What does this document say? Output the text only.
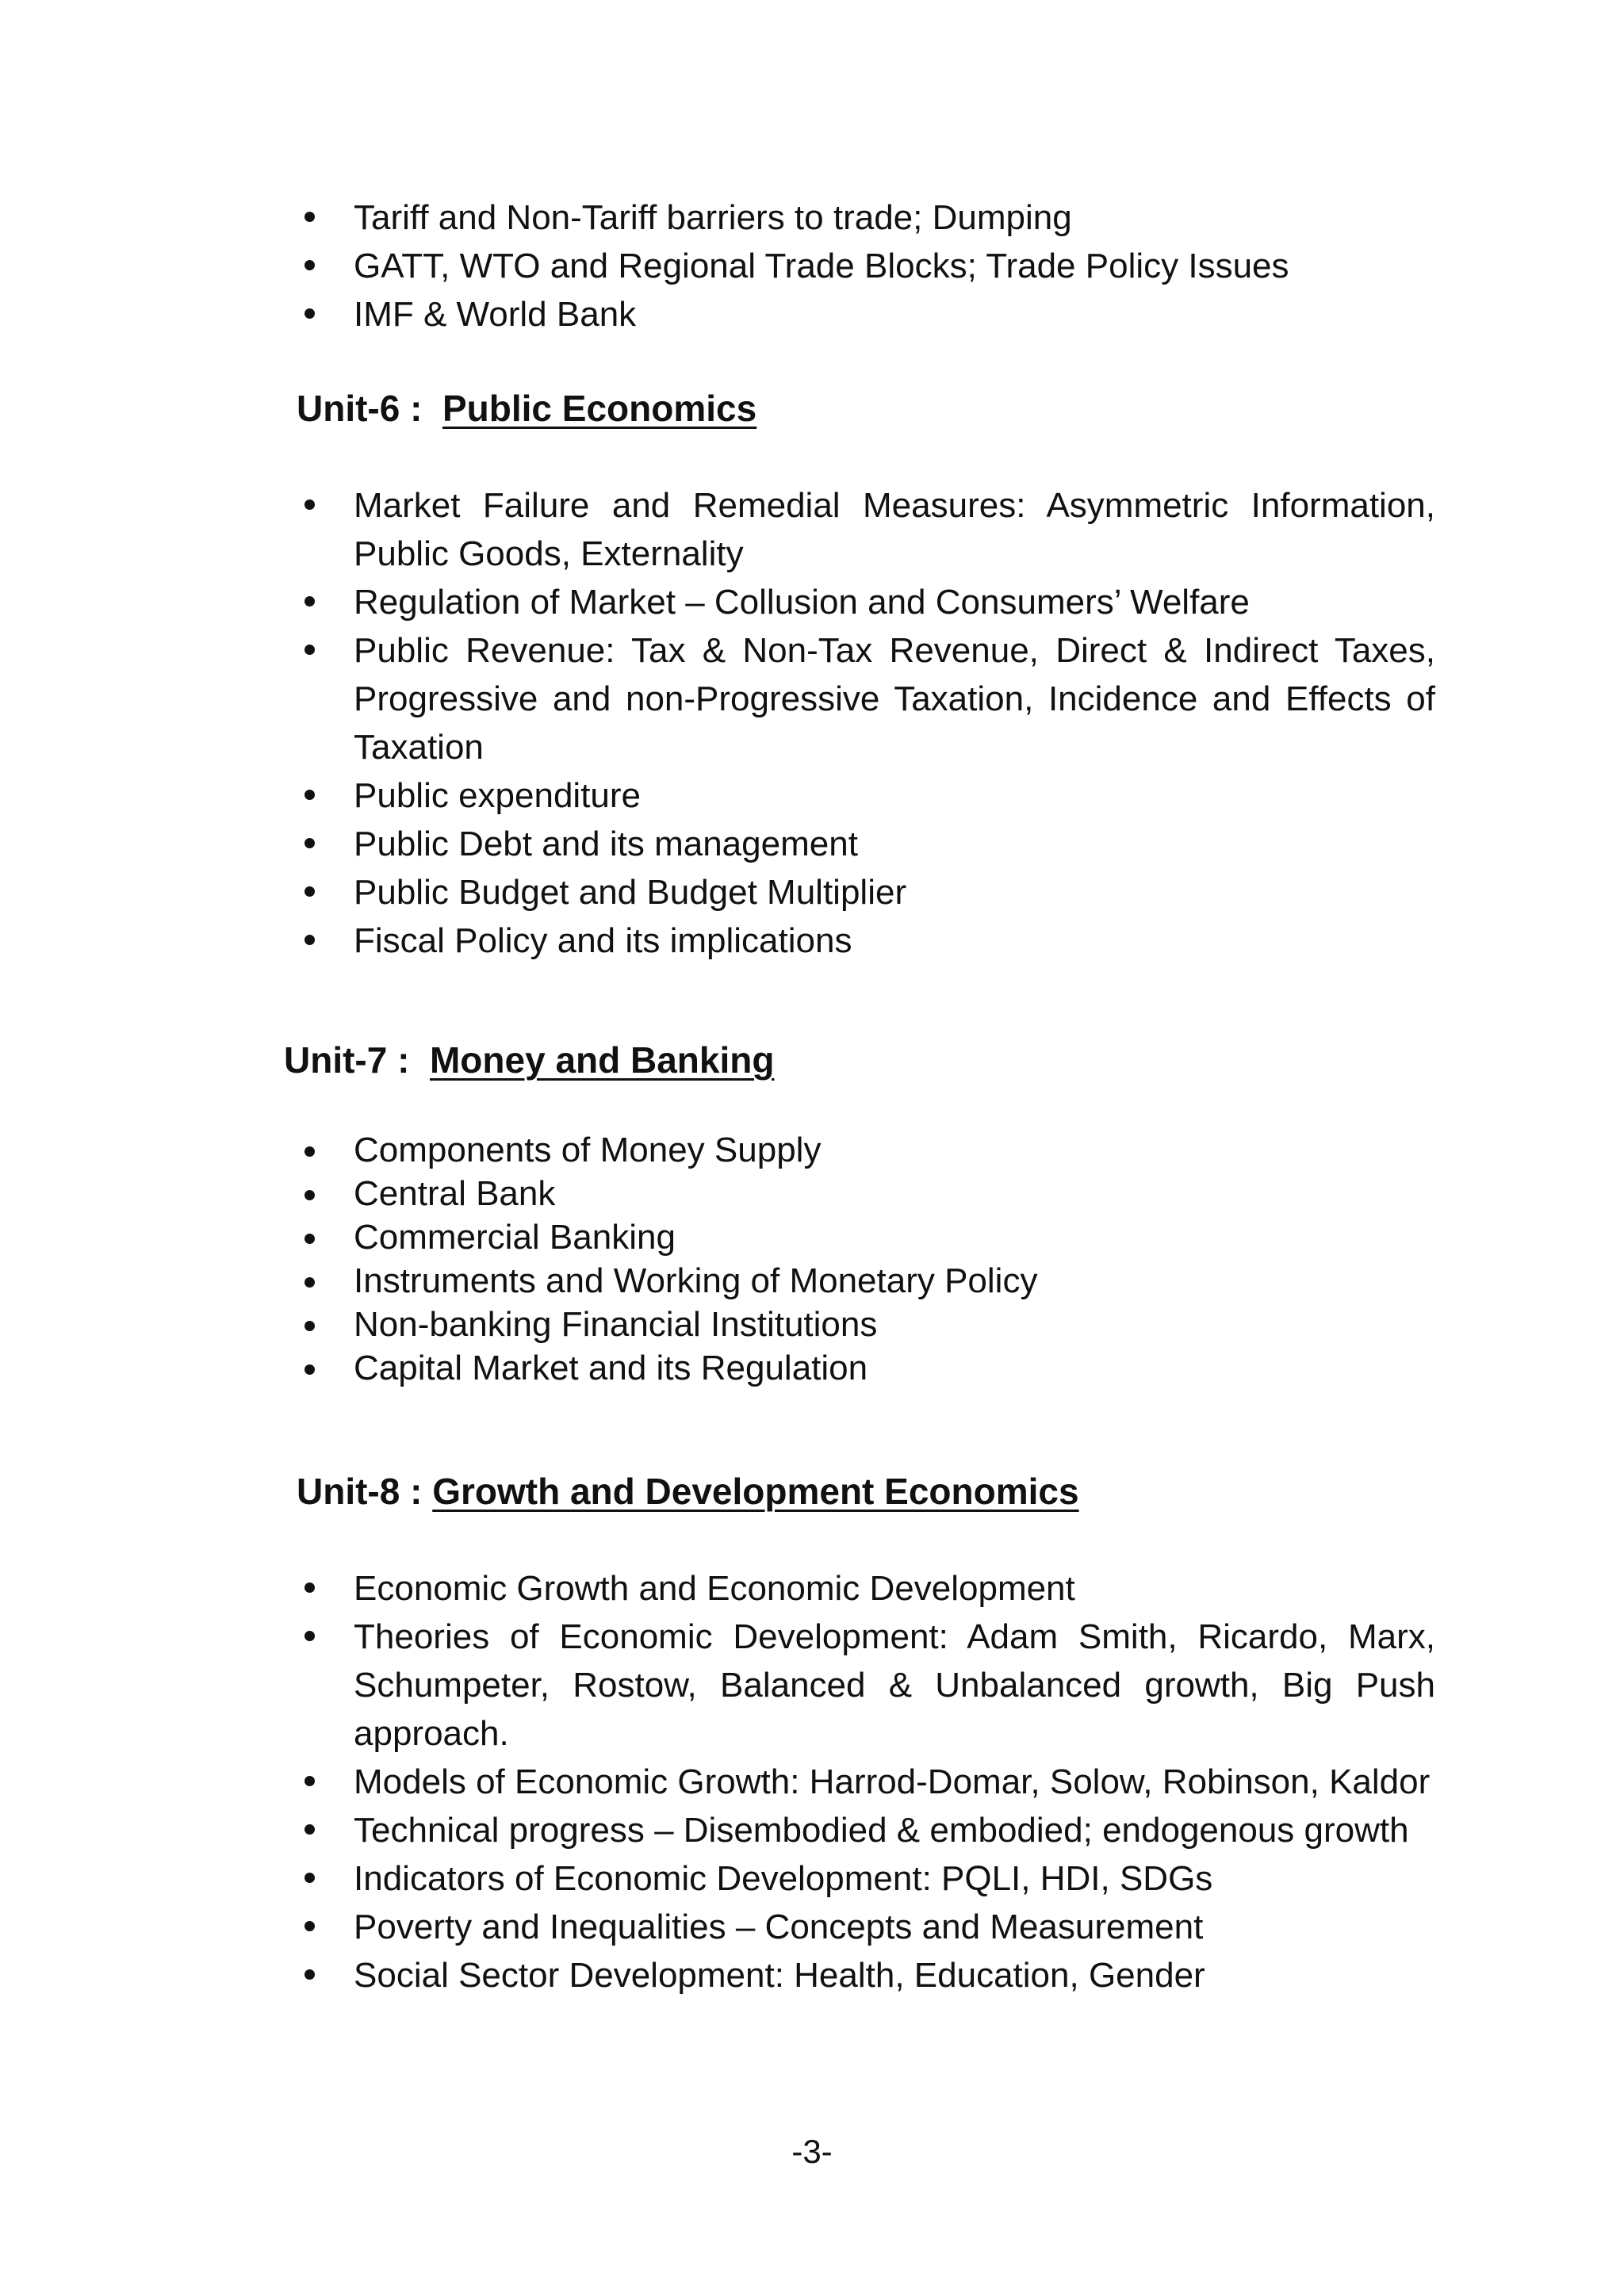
Tariff and Non-Tariff barriers to trade; Dumping
GATT, WTO and Regional Trade Blocks; Trade Policy Issues
IMF & World Bank
Unit-6 : Public Economics
Market Failure and Remedial Measures: Asymmetric Information, Public Goods, Externality
Regulation of Market – Collusion and Consumers’ Welfare
Public Revenue: Tax & Non-Tax Revenue, Direct & Indirect Taxes, Progressive and non-Progressive Taxation, Incidence and Effects of Taxation
Public expenditure
Public Debt and its management
Public Budget and Budget Multiplier
Fiscal Policy and its implications
Unit-7 : Money and Banking
Components of Money Supply
Central Bank
Commercial Banking
Instruments and Working of Monetary Policy
Non-banking Financial Institutions
Capital Market and its Regulation
Unit-8 : Growth and Development Economics
Economic Growth and Economic Development
Theories of Economic Development: Adam Smith, Ricardo, Marx, Schumpeter, Rostow, Balanced & Unbalanced growth, Big Push approach.
Models of Economic Growth: Harrod-Domar, Solow, Robinson, Kaldor
Technical progress – Disembodied & embodied; endogenous growth
Indicators of Economic Development: PQLI, HDI, SDGs
Poverty and Inequalities – Concepts and Measurement
Social Sector Development: Health, Education, Gender
-3-
